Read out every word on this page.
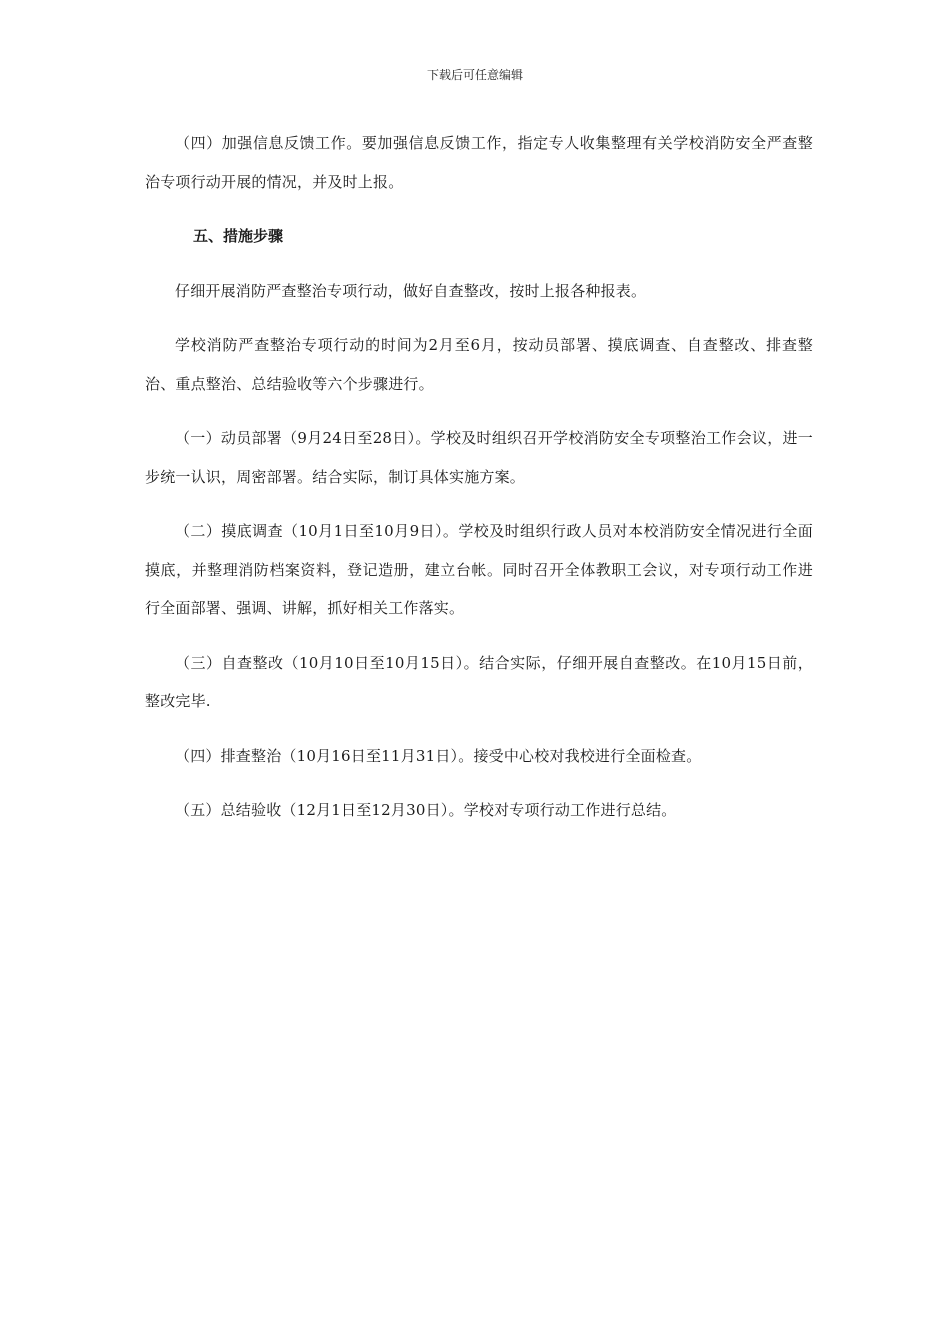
下载后可任意编辑

（四）加强信息反馈工作。要加强信息反馈工作，指定专人收集整理有关学校消防安全严查整治专项行动开展的情况，并及时上报。

五、措施步骤

仔细开展消防严查整治专项行动，做好自查整改，按时上报各种报表。

学校消防严查整治专项行动的时间为2月至6月，按动员部署、摸底调查、自查整改、排查整治、重点整治、总结验收等六个步骤进行。

（一）动员部署（9月24日至28日）。学校及时组织召开学校消防安全专项整治工作会议，进一步统一认识，周密部署。结合实际，制订具体实施方案。

（二）摸底调查（10月1日至10月9日）。学校及时组织行政人员对本校消防安全情况进行全面摸底，并整理消防档案资料，登记造册，建立台帐。同时召开全体教职工会议，对专项行动工作进行全面部署、强调、讲解，抓好相关工作落实。

（三）自查整改（10月10日至10月15日）。结合实际，仔细开展自查整改。在10月15日前，整改完毕.

（四）排查整治（10月16日至11月31日）。接受中心校对我校进行全面检查。

（五）总结验收（12月1日至12月30日）。学校对专项行动工作进行总结。
